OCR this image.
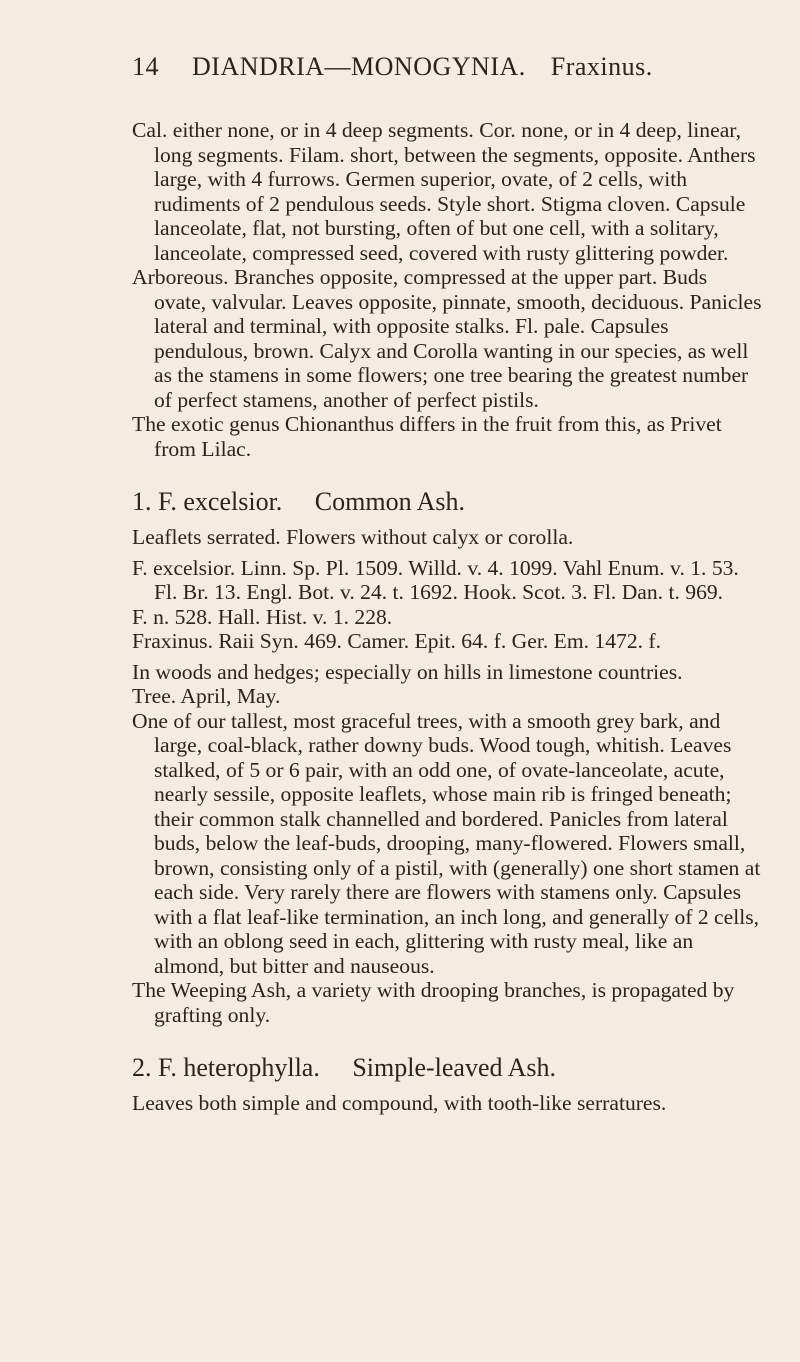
14 DIANDRIA—MONOGYNIA. Fraxinus.

Cal. either none, or in 4 deep segments. Cor. none, or in 4 deep, linear, long segments. Filam. short, between the segments, opposite. Anthers large, with 4 furrows. Germen superior, ovate, of 2 cells, with rudiments of 2 pendulous seeds. Style short. Stigma cloven. Capsule lanceolate, flat, not bursting, often of but one cell, with a solitary, lanceolate, compressed seed, covered with rusty glittering powder.

Arboreous. Branches opposite, compressed at the upper part. Buds ovate, valvular. Leaves opposite, pinnate, smooth, deciduous. Panicles lateral and terminal, with opposite stalks. Fl. pale. Capsules pendulous, brown. Calyx and Corolla wanting in our species, as well as the stamens in some flowers; one tree bearing the greatest number of perfect stamens, another of perfect pistils.

The exotic genus Chionanthus differs in the fruit from this, as Privet from Lilac.

1. F. excelsior. Common Ash.

Leaflets serrated. Flowers without calyx or corolla.

F. excelsior. Linn. Sp. Pl. 1509. Willd. v. 4. 1099. Vahl Enum. v. 1. 53. Fl. Br. 13. Engl. Bot. v. 24. t. 1692. Hook. Scot. 3. Fl. Dan. t. 969.

F. n. 528. Hall. Hist. v. 1. 228.

Fraxinus. Raii Syn. 469. Camer. Epit. 64. f. Ger. Em. 1472. f.

In woods and hedges; especially on hills in limestone countries.

Tree. April, May.

One of our tallest, most graceful trees, with a smooth grey bark, and large, coal-black, rather downy buds. Wood tough, whitish. Leaves stalked, of 5 or 6 pair, with an odd one, of ovate-lanceolate, acute, nearly sessile, opposite leaflets, whose main rib is fringed beneath; their common stalk channelled and bordered. Panicles from lateral buds, below the leaf-buds, drooping, many-flowered. Flowers small, brown, consisting only of a pistil, with (generally) one short stamen at each side. Very rarely there are flowers with stamens only. Capsules with a flat leaf-like termination, an inch long, and generally of 2 cells, with an oblong seed in each, glittering with rusty meal, like an almond, but bitter and nauseous.

The Weeping Ash, a variety with drooping branches, is propagated by grafting only.

2. F. heterophylla. Simple-leaved Ash.

Leaves both simple and compound, with tooth-like serratures.
